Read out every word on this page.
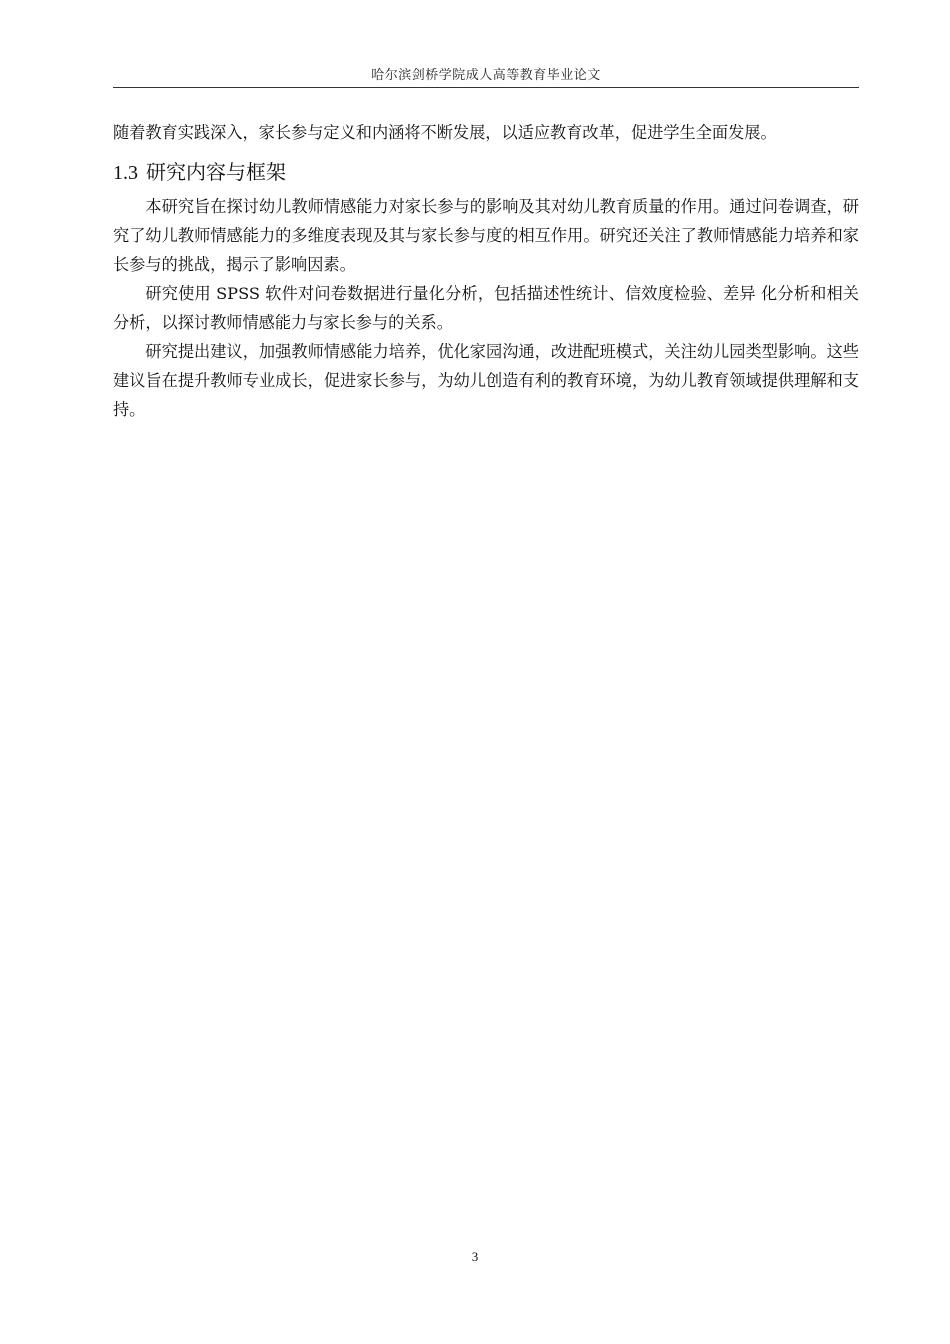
哈尔滨剑桥学院成人高等教育毕业论文

随着教育实践深入，家长参与定义和内涵将不断发展，以适应教育改革，促进学生全面发展。

1.3 研究内容与框架

本研究旨在探讨幼儿教师情感能力对家长参与的影响及其对幼儿教育质量的作用。通过问卷调查，研究了幼儿教师情感能力的多维度表现及其与家长参与度的相互作用。研究还关注了教师情感能力培养和家长参与的挑战，揭示了影响因素。

研究使用 SPSS 软件对问卷数据进行量化分析，包括描述性统计、信效度检验、差异 化分析和相关分析，以探讨教师情感能力与家长参与的关系。

研究提出建议，加强教师情感能力培养，优化家园沟通，改进配班模式，关注幼儿园类型影响。这些建议旨在提升教师专业成长，促进家长参与，为幼儿创造有利的教育环境，为幼儿教育领域提供理解和支持。

3
